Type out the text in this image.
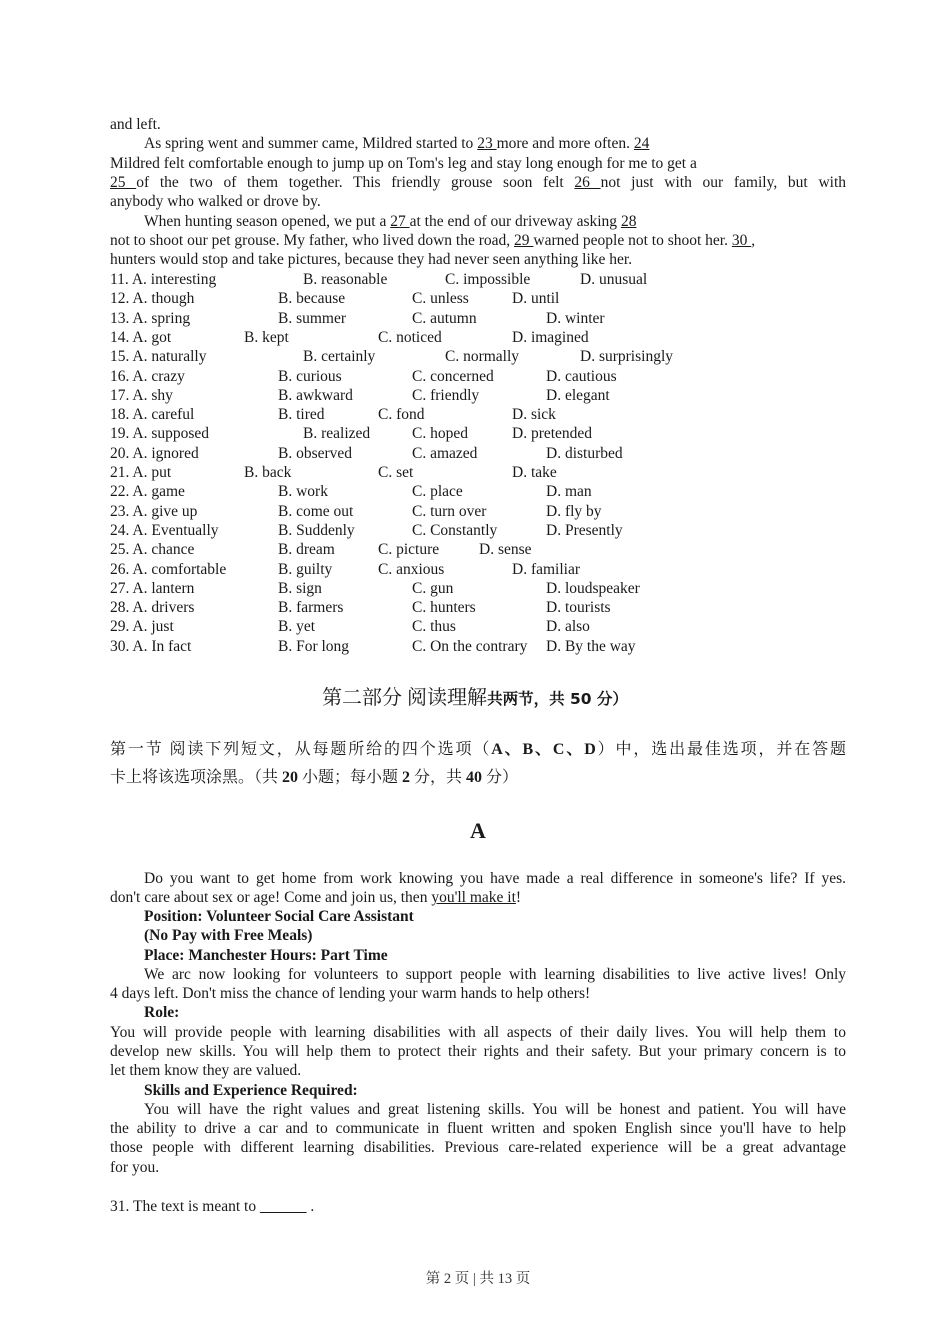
and left.
As spring went and summer came, Mildred started to 23 more and more often. 24
Mildred felt comfortable enough to jump up on Tom's leg and stay long enough for me to get a
25 of the two of them together. This friendly grouse soon felt 26 not just with our family, but with
anybody who walked or drove by.
When hunting season opened, we put a 27 at the end of our driveway asking 28
not to shoot our pet grouse. My father, who lived down the road, 29 warned people not to shoot her. 30 ,
hunters would stop and take pictures, because they had never seen anything like her.
11. A. interesting	B. reasonable	C. impossible	D. unusual
12. A. though	B. because	C. unless	D. until
13. A. spring	B. summer	C. autumn	D. winter
14. A. got	B. kept	C. noticed	D. imagined
15. A. naturally	B. certainly	C. normally	D. surprisingly
16. A. crazy	B. curious	C. concerned	D. cautious
17. A. shy	B. awkward	C. friendly	D. elegant
18. A. careful	B. tired	C. fond	D. sick
19. A. supposed	B. realized	C. hoped	D. pretended
20. A. ignored	B. observed	C. amazed	D. disturbed
21. A. put	B. back	C. set	D. take
22. A. game	B. work	C. place	D. man
23. A. give up	B. come out	C. turn over	D. fly by
24. A. Eventually	B. Suddenly	C. Constantly	D. Presently
25. A. chance	B. dream	C. picture	D. sense
26. A. comfortable	B. guilty	C. anxious	D. familiar
27. A. lantern	B. sign	C. gun	D. loudspeaker
28. A. drivers	B. farmers	C. hunters	D. tourists
29. A. just	B. yet	C. thus	D. also
30. A. In fact	B. For long	C. On the contrary D. By the way
第二部分 阅读理解共两节，共 50 分）
第一节 阅读下列短文，从每题所给的四个选项（A、B、C、D）中，选出最佳选项，并在答题
卡上将该选项涂黑。（共 20 小题；每小题 2 分，共 40 分）
A
Do you want to get home from work knowing you have made a real difference in someone's life? If yes.
don't care about sex or age! Come and join us, then you'll make it!
Position: Volunteer Social Care Assistant
(No Pay with Free Meals)
Place: Manchester Hours: Part Time
We arc now looking for volunteers to support people with learning disabilities to live active lives! Only
4 days left. Don't miss the chance of lending your warm hands to help others!
Role:
You will provide people with learning disabilities with all aspects of their daily lives. You will help them to
develop new skills. You will help them to protect their rights and their safety. But your primary concern is to
let them know they are valued.
Skills and Experience Required:
You will have the right values and great listening skills. You will be honest and patient. You will have
the ability to drive a car and to communicate in fluent written and spoken English since you'll have to help
those people with different learning disabilities. Previous care-related experience will be a great advantage
for you.
31. The text is meant to ______ .
第 2 页 | 共 13 页
